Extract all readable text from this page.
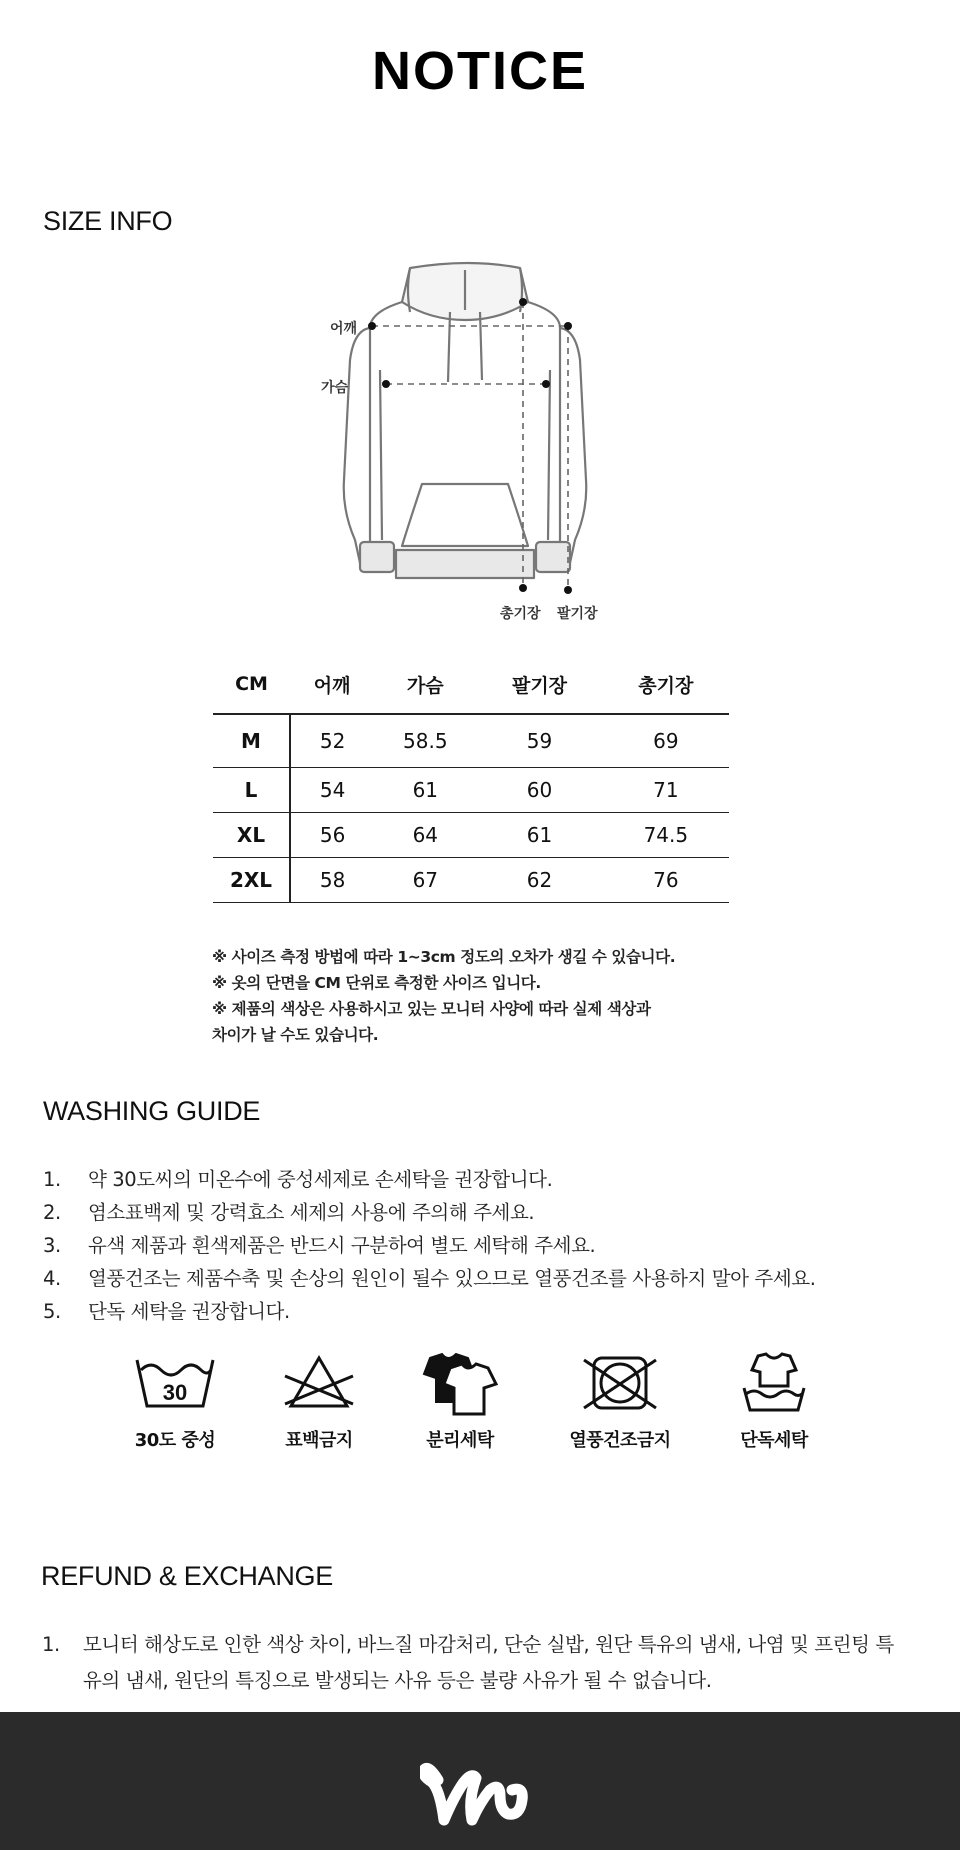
NOTICE
SIZE INFO
어깨
가슴
총기장 팔기장
CM	어깨	가슴	팔기장	총기장
M	52	58.5	59	69
L	54	61	60	71
XL	56	64	61	74.5
2XL	58	67	62	76
※ 사이즈 측정 방법에 따라 1~3cm 정도의 오차가 생길 수 있습니다.
※ 옷의 단면을 CM 단위로 측정한 사이즈 입니다.
※ 제품의 색상은 사용하시고 있는 모니터 사양에 따라 실제 색상과
차이가 날 수도 있습니다.
WASHING GUIDE
1. 약 30도씨의 미온수에 중성세제로 손세탁을 권장합니다.
2. 염소표백제 및 강력효소 세제의 사용에 주의해 주세요.
3. 유색 제품과 흰색제품은 반드시 구분하여 별도 세탁해 주세요.
4. 열풍건조는 제품수축 및 손상의 원인이 될수 있으므로 열풍건조를 사용하지 말아 주세요.
5. 단독 세탁을 권장합니다.
30
30도 중성	표백금지	분리세탁	열풍건조금지	단독세탁
REFUND & EXCHANGE
1. 모니터 해상도로 인한 색상 차이, 바느질 마감처리, 단순 실밥, 원단 특유의 냄새, 나염 및 프린팅 특유의 냄새, 원단의 특징으로 발생되는 사유 등은 불량 사유가 될 수 없습니다.
